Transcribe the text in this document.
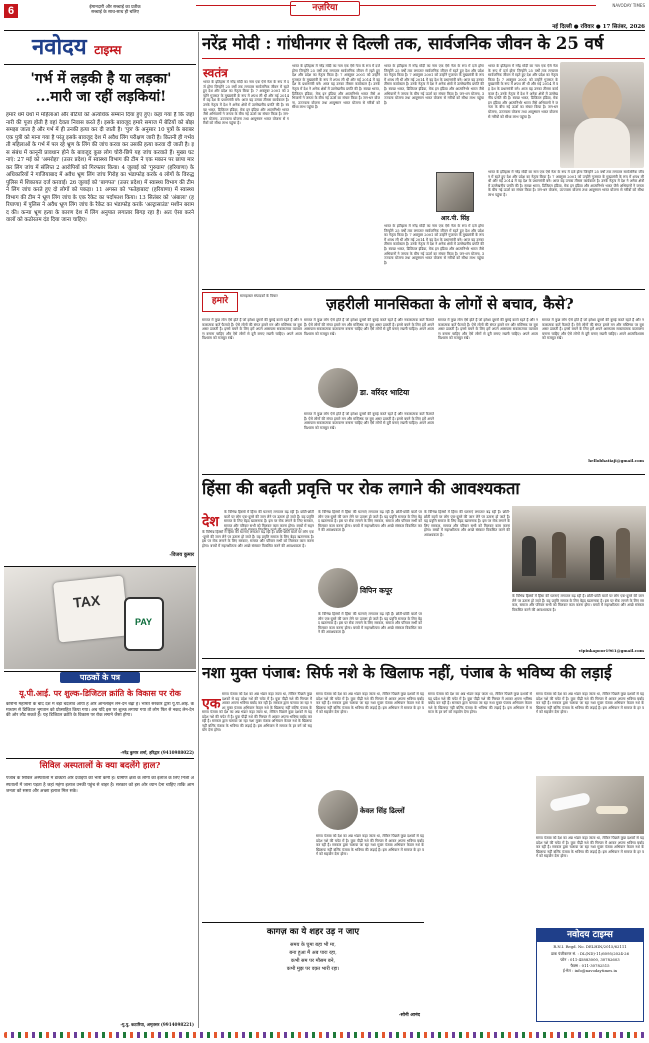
6	ईमानदारी और सच्चाई का प्रतीक
सच्चाई के साथ-साथ ही चलिए	नज़रिया	NAVODAY TIMES
नई दिल्ली ● रविवार ● 17 सितंबर, 2026
नवोदय टाइम्स
'गर्भ में लड़की है या लड़का'
...मारी जा रहीं लड़कियां!
हमारे धर्म ग्रंथों में महिलाओं और बेटियों को अत्यधिक सम्मान दिया हुए हुए। कहा गया है कि जहां नारी की पूजा होती है वहां देवता निवास करते हैं। इसके बावजूद हमारे समाज में बेटियों को बोझ समझा जाता है और गर्भ में ही उनकी हत्या कर दी जाती है। 'पुत्र' के अनुसार 10 पुत्रों के बराबर एक पुत्री को माना गया है परंतु इसके बावजूद देश में अवैध लिंग परीक्षण जारी है। कितनी ही गर्भवती महिलाओं के गर्भ में पल रहे भ्रूण के लिंग की जांच करवा कर उसकी हत्या करवा दी जाती है। इस संबंध में कानूनी प्रावधान होने के बावजूद कुछ लोग चोरी-छिपे यह जांच करवाते हैं। मुख्य घटनाएं: 27 मई को 'अमरोहा' (उत्तर प्रदेश) में स्वास्थ्य विभाग की टीम ने एक मकान पर छापा मार कर लिंग जांच में संलिप्त 2 आरोपियों को गिरफ्तार किया। 4 जुलाई को 'गुरुग्राम' (हरियाणा) के अधिकारियों ने गाजियाबाद में अवैध भ्रूण लिंग जांच गिरोह का भंडाफोड़ करके 4 लोगों के विरुद्ध पुलिस में शिकायत दर्ज करवाई। 26 जुलाई को 'बागपत' (उत्तर प्रदेश) में स्वास्थ्य विभाग की टीम ने लिंग जांच करते हुए दो लोगों को पकड़ा। 11 अगस्त को 'फतेहाबाद' (हरियाणा) में स्वास्थ्य विभाग की टीम ने भ्रूण लिंग जांच के एक रैकेट का पर्दाफाश किया। 13 सितंबर को 'अंबाला' (हरियाणा) में पुलिस ने अवैध भ्रूण लिंग जांच के रैकेट का भंडाफोड़ करके 'अल्ट्रासाउंड' मशीन बरामद की। कन्या भ्रूण हत्या के कारण देश में लिंग अनुपात लगातार बिगड़ रहा है। अतः ऐसा करने वालों को कठोरतम दंड दिया जाना चाहिए।
-विजय कुमार
TAX
PAY
पाठकों के पत्र
यू.पी.आई. पर शुल्क-डिजिटल क्रांति के विकास पर रोक
कोरोना महामारी के बाद देश में बड़ा बदलाव आया है और ऑनलाइन लेन-देन बढ़ा है। भारत सरकार द्वारा यू.पी.आई. के माध्यम से डिजिटल भुगतान को प्रोत्साहित किया गया। अब यदि इस पर शुल्क लगाया गया तो लोग फिर से नकद लेन-देन की ओर लौट सकते हैं। यह डिजिटल क्रांति के विकास पर रोक लगाने जैसा होगा।
-नरेंद्र कुमार शर्मा, हरिद्वार (9410988022)
सिविल अस्पतालों के क्या बदलेंगे हाल?
पंजाब के सिविल अस्पतालों में डॉक्टरों और दवाइयों की भारी कमी है। ग्रामीण क्षेत्रों के लोगों को इलाज के लिए निजी अस्पतालों में जाना पड़ता है जहां महंगा इलाज उनकी पहुंच से बाहर है। सरकार को इस ओर ध्यान देना चाहिए ताकि आम जनता को सस्ता और अच्छा इलाज मिल सके।
-गु.पु. कटारिया, अमृतसर (9914098221)
नरेंद्र मोदी : गांधीनगर से दिल्ली तक, सार्वजनिक जीवन के 25 वर्ष
स्वतंत्र
भारत के इतिहास में नरेंद्र मोदी का नाम एक ऐसे नेता के रूप में दर्ज होगा जिन्होंने 25 वर्षों तक लगातार सार्वजनिक जीवन में रहते हुए देश और प्रदेश का नेतृत्व किया है। 7 अक्तूबर 2001 को उन्होंने गुजरात के मुख्यमंत्री के रूप में शपथ ली थी और मई 2014 में वह देश के प्रधानमंत्री बने। आज यह उनका तीसरा कार्यकाल है। उनके नेतृत्व में देश ने अनेक क्षेत्रों में उल्लेखनीय प्रगति की है। स्वच्छ भारत, डिजिटल इंडिया, मेक इन इंडिया और आत्मनिर्भर भारत जैसे अभियानों ने जनता के बीच नई ऊर्जा का संचार किया है। जन-धन योजना, उज्ज्वला योजना तथा आयुष्मान भारत योजना से गरीबों को सीधा लाभ पहुंचा है।
भारत के इतिहास में नरेंद्र मोदी का नाम एक ऐसे नेता के रूप में दर्ज होगा जिन्होंने 25 वर्षों तक लगातार सार्वजनिक जीवन में रहते हुए देश और प्रदेश का नेतृत्व किया है। 7 अक्तूबर 2001 को उन्होंने गुजरात के मुख्यमंत्री के रूप में शपथ ली थी और मई 2014 में वह देश के प्रधानमंत्री बने। आज यह उनका तीसरा कार्यकाल है। उनके नेतृत्व में देश ने अनेक क्षेत्रों में उल्लेखनीय प्रगति की है। स्वच्छ भारत, डिजिटल इंडिया, मेक इन इंडिया और आत्मनिर्भर भारत जैसे अभियानों ने जनता के बीच नई ऊर्जा का संचार किया है। जन-धन योजना, उज्ज्वला योजना तथा आयुष्मान भारत योजना से गरीबों को सीधा लाभ पहुंचा है।
आर.पी. सिंह
भारत के इतिहास में नरेंद्र मोदी का नाम एक ऐसे नेता के रूप में दर्ज होगा जिन्होंने 25 वर्षों तक लगातार सार्वजनिक जीवन में रहते हुए देश और प्रदेश का नेतृत्व किया है। 7 अक्तूबर 2001 को उन्होंने गुजरात के मुख्यमंत्री के रूप में शपथ ली थी और मई 2014 में वह देश के प्रधानमंत्री बने। आज यह उनका तीसरा कार्यकाल है। उनके नेतृत्व में देश ने अनेक क्षेत्रों में उल्लेखनीय प्रगति की है। स्वच्छ भारत, डिजिटल इंडिया, मेक इन इंडिया और आत्मनिर्भर भारत जैसे अभियानों ने जनता के बीच नई ऊर्जा का संचार किया है। जन-धन योजना, उज्ज्वला योजना तथा आयुष्मान भारत योजना से गरीबों को सीधा लाभ पहुंचा है।
भारत के इतिहास में नरेंद्र मोदी का नाम एक ऐसे नेता के रूप में दर्ज होगा जिन्होंने 25 वर्षों तक लगातार सार्वजनिक जीवन में रहते हुए देश और प्रदेश का नेतृत्व किया है। 7 अक्तूबर 2001 को उन्होंने गुजरात के मुख्यमंत्री के रूप में शपथ ली थी और मई 2014 में वह देश के प्रधानमंत्री बने। आज यह उनका तीसरा कार्यकाल है। उनके नेतृत्व में देश ने अनेक क्षेत्रों में उल्लेखनीय प्रगति की है। स्वच्छ भारत, डिजिटल इंडिया, मेक इन इंडिया और आत्मनिर्भर भारत जैसे अभियानों ने जनता के बीच नई ऊर्जा का संचार किया है। जन-धन योजना, उज्ज्वला योजना तथा आयुष्मान भारत योजना से गरीबों को सीधा लाभ पहुंचा है।
भारत के इतिहास में नरेंद्र मोदी का नाम एक ऐसे नेता के रूप में दर्ज होगा जिन्होंने 25 वर्षों तक लगातार सार्वजनिक जीवन में रहते हुए देश और प्रदेश का नेतृत्व किया है। 7 अक्तूबर 2001 को उन्होंने गुजरात के मुख्यमंत्री के रूप में शपथ ली थी और मई 2014 में वह देश के प्रधानमंत्री बने। आज यह उनका तीसरा कार्यकाल है। उनके नेतृत्व में देश ने अनेक क्षेत्रों में उल्लेखनीय प्रगति की है। स्वच्छ भारत, डिजिटल इंडिया, मेक इन इंडिया और आत्मनिर्भर भारत जैसे अभियानों ने जनता के बीच नई ऊर्जा का संचार किया है। जन-धन योजना, उज्ज्वला योजना तथा आयुष्मान भारत योजना से गरीबों को सीधा लाभ पहुंचा है।
भारत के इतिहास में नरेंद्र मोदी का नाम एक ऐसे नेता के रूप में दर्ज होगा जिन्होंने 25 वर्षों तक लगातार सार्वजनिक जीवन में रहते हुए देश और प्रदेश का नेतृत्व किया है। 7 अक्तूबर 2001 को उन्होंने गुजरात के मुख्यमंत्री के रूप में शपथ ली थी और मई 2014 में वह देश के प्रधानमंत्री बने। आज यह उनका तीसरा कार्यकाल है। उनके नेतृत्व में देश ने अनेक क्षेत्रों में उल्लेखनीय प्रगति की है। स्वच्छ भारत, डिजिटल इंडिया, मेक इन इंडिया और आत्मनिर्भर भारत जैसे अभियानों ने जनता के बीच नई ऊर्जा का संचार किया है। जन-धन योजना, उज्ज्वला योजना तथा आयुष्मान भारत योजना से गरीबों को सीधा लाभ पहुंचा है।
हमारे	सलाहकार संपादकों के विचार	ज़हरीली मानसिकता के लोगों से बचाव, कैसे?
समाज में कुछ लोग ऐसे होते हैं जो हमेशा दूसरों की बुराई करते रहते हैं और नकारात्मक बातें फैलाते हैं। ऐसे लोगों की संगत हमारे मन और मस्तिष्क पर बुरा असर डालती है। इनसे बचने के लिए हमें अपने आसपास सकारात्मक वातावरण बनाना चाहिए और ऐसे लोगों से दूरी बनाए रखनी चाहिए। अपने आत्मविश्वास को मजबूत रखें।
डा. वरिंदर भाटिया
समाज में कुछ लोग ऐसे होते हैं जो हमेशा दूसरों की बुराई करते रहते हैं और नकारात्मक बातें फैलाते हैं। ऐसे लोगों की संगत हमारे मन और मस्तिष्क पर बुरा असर डालती है। इनसे बचने के लिए हमें अपने आसपास सकारात्मक वातावरण बनाना चाहिए और ऐसे लोगों से दूरी बनाए रखनी चाहिए। अपने आत्मविश्वास को मजबूत रखें।
समाज में कुछ लोग ऐसे होते हैं जो हमेशा दूसरों की बुराई करते रहते हैं और नकारात्मक बातें फैलाते हैं। ऐसे लोगों की संगत हमारे मन और मस्तिष्क पर बुरा असर डालती है। इनसे बचने के लिए हमें अपने आसपास सकारात्मक वातावरण बनाना चाहिए और ऐसे लोगों से दूरी बनाए रखनी चाहिए। अपने आत्मविश्वास को मजबूत रखें।
समाज में कुछ लोग ऐसे होते हैं जो हमेशा दूसरों की बुराई करते रहते हैं और नकारात्मक बातें फैलाते हैं। ऐसे लोगों की संगत हमारे मन और मस्तिष्क पर बुरा असर डालती है। इनसे बचने के लिए हमें अपने आसपास सकारात्मक वातावरण बनाना चाहिए और ऐसे लोगों से दूरी बनाए रखनी चाहिए। अपने आत्मविश्वास को मजबूत रखें।
समाज में कुछ लोग ऐसे होते हैं जो हमेशा दूसरों की बुराई करते रहते हैं और नकारात्मक बातें फैलाते हैं। ऐसे लोगों की संगत हमारे मन और मस्तिष्क पर बुरा असर डालती है। इनसे बचने के लिए हमें अपने आसपास सकारात्मक वातावरण बनाना चाहिए और ऐसे लोगों से दूरी बनाए रखनी चाहिए। अपने आत्मविश्वास को मजबूत रखें।
hellobhatiaji@gmail.com
हिंसा की बढ़ती प्रवृत्ति पर रोक लगाने की आवश्यकता
देश
के विभिन्न हिस्सों में हिंसा की घटनाएं लगातार बढ़ रही हैं। छोटी-छोटी बातों पर लोग एक-दूसरे की जान लेने पर उतारू हो जाते हैं। यह प्रवृत्ति समाज के लिए बेहद खतरनाक है। इस पर रोक लगाने के लिए सरकार, समाज और परिवार सभी को मिलकर काम करना होगा। बच्चों में सहन
के विभिन्न हिस्सों में हिंसा की घटनाएं लगातार बढ़ रही हैं। छोटी-छोटी बातों पर लोग एक-दूसरे की जान लेने पर उतारू हो जाते हैं। यह प्रवृत्ति समाज के लिए बेहद खतरनाक है। इस पर रोक लगाने के लिए सरकार, समाज और परिवार सभी को मिलकर काम करना होगा। बच्चों में सहनशीलता और अच्छे संस्कार विकसित करने की आवश्यकता है।
के विभिन्न हिस्सों में हिंसा की घटनाएं लगातार बढ़ रही हैं। छोटी-छोटी बातों पर लोग एक-दूसरे की जान लेने पर उतारू हो जाते हैं। यह प्रवृत्ति समाज के लिए बेहद खतरनाक है। इस पर रोक लगाने के लिए सरकार, समाज और परिवार सभी को मिलकर काम करना होगा। बच्चों में सहनशीलता और अच्छे संस्कार विकसित करने की आवश्यकता है।
विपिन कपूर
के विभिन्न हिस्सों में हिंसा की घटनाएं लगातार बढ़ रही हैं। छोटी-छोटी बातों पर लोग एक-दूसरे की जान लेने पर उतारू हो जाते हैं। यह प्रवृत्ति समाज के लिए बेहद खतरनाक है। इस पर रोक लगाने के लिए सरकार, समाज और परिवार सभी को मिलकर काम करना होगा। बच्चों में सहनशीलता और अच्छे संस्कार विकसित करने की आवश्यकता है।
के विभिन्न हिस्सों में हिंसा की घटनाएं लगातार बढ़ रही हैं। छोटी-छोटी बातों पर लोग एक-दूसरे की जान लेने पर उतारू हो जाते हैं। यह प्रवृत्ति समाज के लिए बेहद खतरनाक है। इस पर रोक लगाने के लिए सरकार, समाज और परिवार सभी को मिलकर काम करना होगा। बच्चों में सहनशीलता और अच्छे संस्कार विकसित करने की आवश्यकता है।
के विभिन्न हिस्सों में हिंसा की घटनाएं लगातार बढ़ रही हैं। छोटी-छोटी बातों पर लोग एक-दूसरे की जान लेने पर उतारू हो जाते हैं। यह प्रवृत्ति समाज के लिए बेहद खतरनाक है। इस पर रोक लगाने के लिए सरकार, समाज और परिवार सभी को मिलकर काम करना होगा। बच्चों में सहनशीलता और अच्छे संस्कार विकसित करने की आवश्यकता है।
vipinkapoor1961@gmail.com
नशा मुक्त पंजाब: सिर्फ नशे के खिलाफ नहीं, पंजाब के भविष्य की लड़ाई
एक
समय पंजाब को देश का अन्न भंडार कहा जाता था, लेकिन पिछले कुछ दशकों से यह प्रदेश नशे की चपेट में है। युवा पीढ़ी नशे की गिरफ्त में आकर अपना भविष्य बर्बाद कर रही है। सरकार द्वारा चलाया जा रहा नशा मुक्त पंजाब अभियान केवल नशे के खिलाफ नहीं बल्कि पंजाब के
समय पंजाब को देश का अन्न भंडार कहा जाता था, लेकिन पिछले कुछ दशकों से यह प्रदेश नशे की चपेट में है। युवा पीढ़ी नशे की गिरफ्त में आकर अपना भविष्य बर्बाद कर रही है। सरकार द्वारा चलाया जा रहा नशा मुक्त पंजाब अभियान केवल नशे के खिलाफ नहीं बल्कि पंजाब के भविष्य की लड़ाई है। इस अभियान में समाज के हर वर्ग को सहयोग देना होगा।
समय पंजाब को देश का अन्न भंडार कहा जाता था, लेकिन पिछले कुछ दशकों से यह प्रदेश नशे की चपेट में है। युवा पीढ़ी नशे की गिरफ्त में आकर अपना भविष्य बर्बाद कर रही है। सरकार द्वारा चलाया जा रहा नशा मुक्त पंजाब अभियान केवल नशे के खिलाफ नहीं बल्कि पंजाब के भविष्य की लड़ाई है। इस अभियान में समाज के हर वर्ग को सहयोग देना होगा।
केवल सिंह ढिल्लों
समय पंजाब को देश का अन्न भंडार कहा जाता था, लेकिन पिछले कुछ दशकों से यह प्रदेश नशे की चपेट में है। युवा पीढ़ी नशे की गिरफ्त में आकर अपना भविष्य बर्बाद कर रही है। सरकार द्वारा चलाया जा रहा नशा मुक्त पंजाब अभियान केवल नशे के खिलाफ नहीं बल्कि पंजाब के भविष्य की लड़ाई है। इस अभियान में समाज के हर वर्ग को सहयोग देना होगा।
समय पंजाब को देश का अन्न भंडार कहा जाता था, लेकिन पिछले कुछ दशकों से यह प्रदेश नशे की चपेट में है। युवा पीढ़ी नशे की गिरफ्त में आकर अपना भविष्य बर्बाद कर रही है। सरकार द्वारा चलाया जा रहा नशा मुक्त पंजाब अभियान केवल नशे के खिलाफ नहीं बल्कि पंजाब के भविष्य की लड़ाई है। इस अभियान में समाज के हर वर्ग को सहयोग देना होगा।
समय पंजाब को देश का अन्न भंडार कहा जाता था, लेकिन पिछले कुछ दशकों से यह प्रदेश नशे की चपेट में है। युवा पीढ़ी नशे की गिरफ्त में आकर अपना भविष्य बर्बाद कर रही है। सरकार द्वारा चलाया जा रहा नशा मुक्त पंजाब अभियान केवल नशे के खिलाफ नहीं बल्कि पंजाब के भविष्य की लड़ाई है। इस अभियान में समाज के हर वर्ग को सहयोग देना होगा।
समय पंजाब को देश का अन्न भंडार कहा जाता था, लेकिन पिछले कुछ दशकों से यह प्रदेश नशे की चपेट में है। युवा पीढ़ी नशे की गिरफ्त में आकर अपना भविष्य बर्बाद कर रही है। सरकार द्वारा चलाया जा रहा नशा मुक्त पंजाब अभियान केवल नशे के खिलाफ नहीं बल्कि पंजाब के भविष्य की लड़ाई है। इस अभियान में समाज के हर वर्ग को सहयोग देना होगा।
कागज़ का ये शहर उड़ न जाए
समय के घुमा बहा भी मा,
बना हुआ मैं अब पारा रहा,
कभी सम पर मौसम बने,
कभी मुझ पर वक़्त भारी रहा।
-सोनी आनंद
नवोदय टाइम्स
R.N.I. Regd. No. DELHIN/2015/62111
डाक पंजीकरण सं. : DL(ND)-11/6095/2024-26
फोन : 011-45883000, 30782603
फैक्स : 011-30782515
ई-मेल : info@navodaytimes.in
